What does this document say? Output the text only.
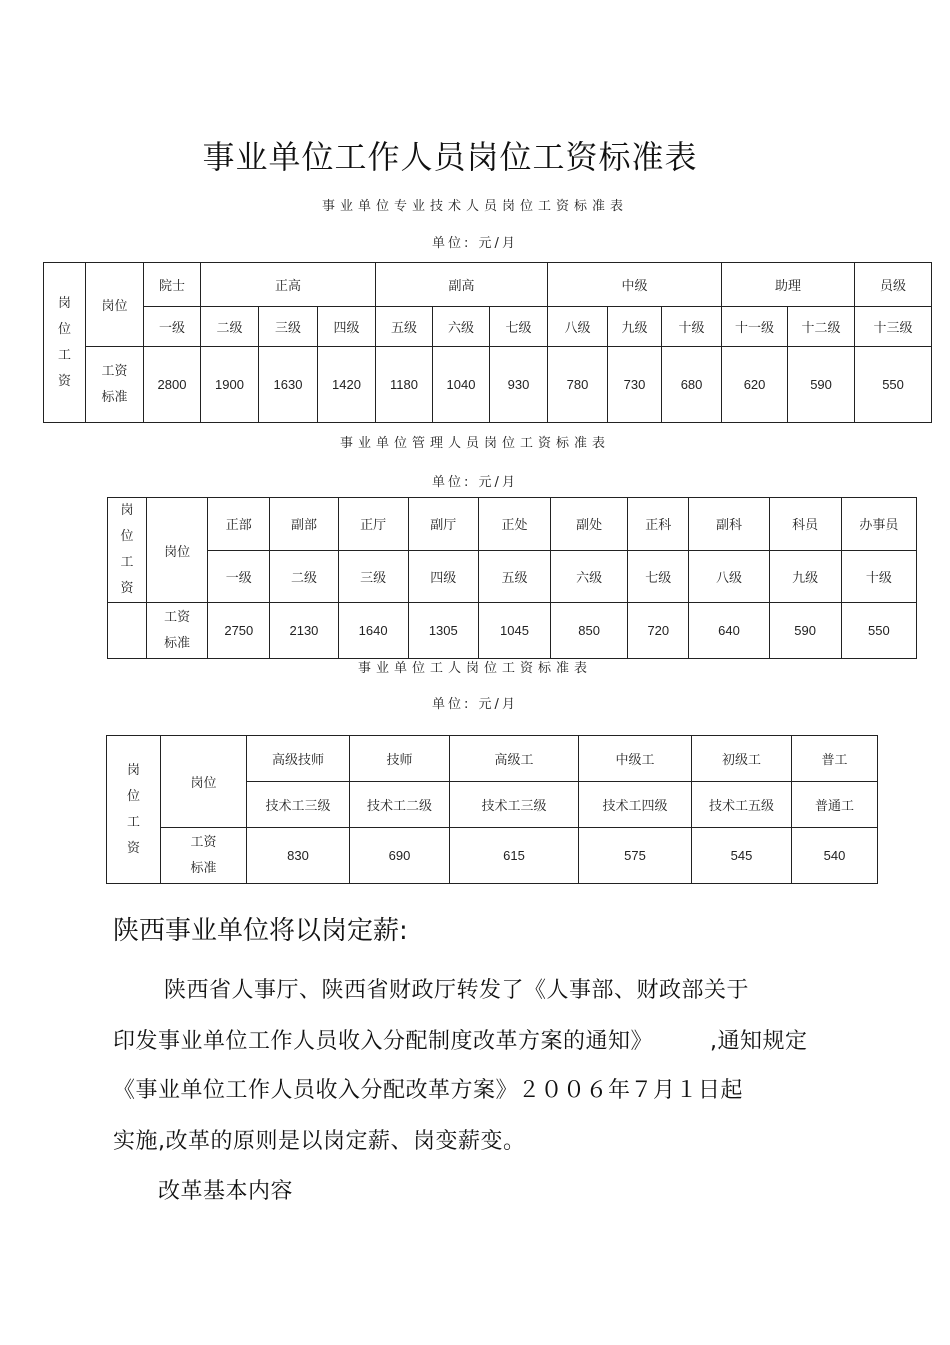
事业单位工作人员岗位工资标准表
事业单位专业技术人员岗位工资标准表
单位: 元/月
岗
位
工
资	岗位	院士	正高			副高			中级			助理		员级
		一级	二级	三级	四级	五级	六级	七级	八级	九级	十级	十一级	十二级	十三级
	工资
标准	2800	1900	1630	1420	1180	1040	930	780	730	680	620	590	550
事业单位管理人员岗位工资标准表
单位: 元/月
岗
位
工
资	岗位	正部	副部	正厅	副厅	正处	副处	正科	副科	科员	办事员
		一级	二级	三级	四级	五级	六级	七级	八级	九级	十级
	工资
标准	2750	2130	1640	1305	1045	850	720	640	590	550
事业单位工人岗位工资标准表
单位: 元/月
岗
位
工
资	岗位	高级技师	技师	高级工	中级工	初级工	普工
		技术工三级	技术工二级	技术工三级	技术工四级	技术工五级	普通工
	工资
标准	830	690	615	575	545	540
陕西事业单位将以岗定薪:
陕西省人事厅、陕西省财政厅转发了《人事部、财政部关于
印发事业单位工作人员收入分配制度改革方案的通知》	,通知规定
《事业单位工作人员收入分配改革方案》２００６年７月１日起
实施,改革的原则是以岗定薪、岗变薪变。
改革基本内容
